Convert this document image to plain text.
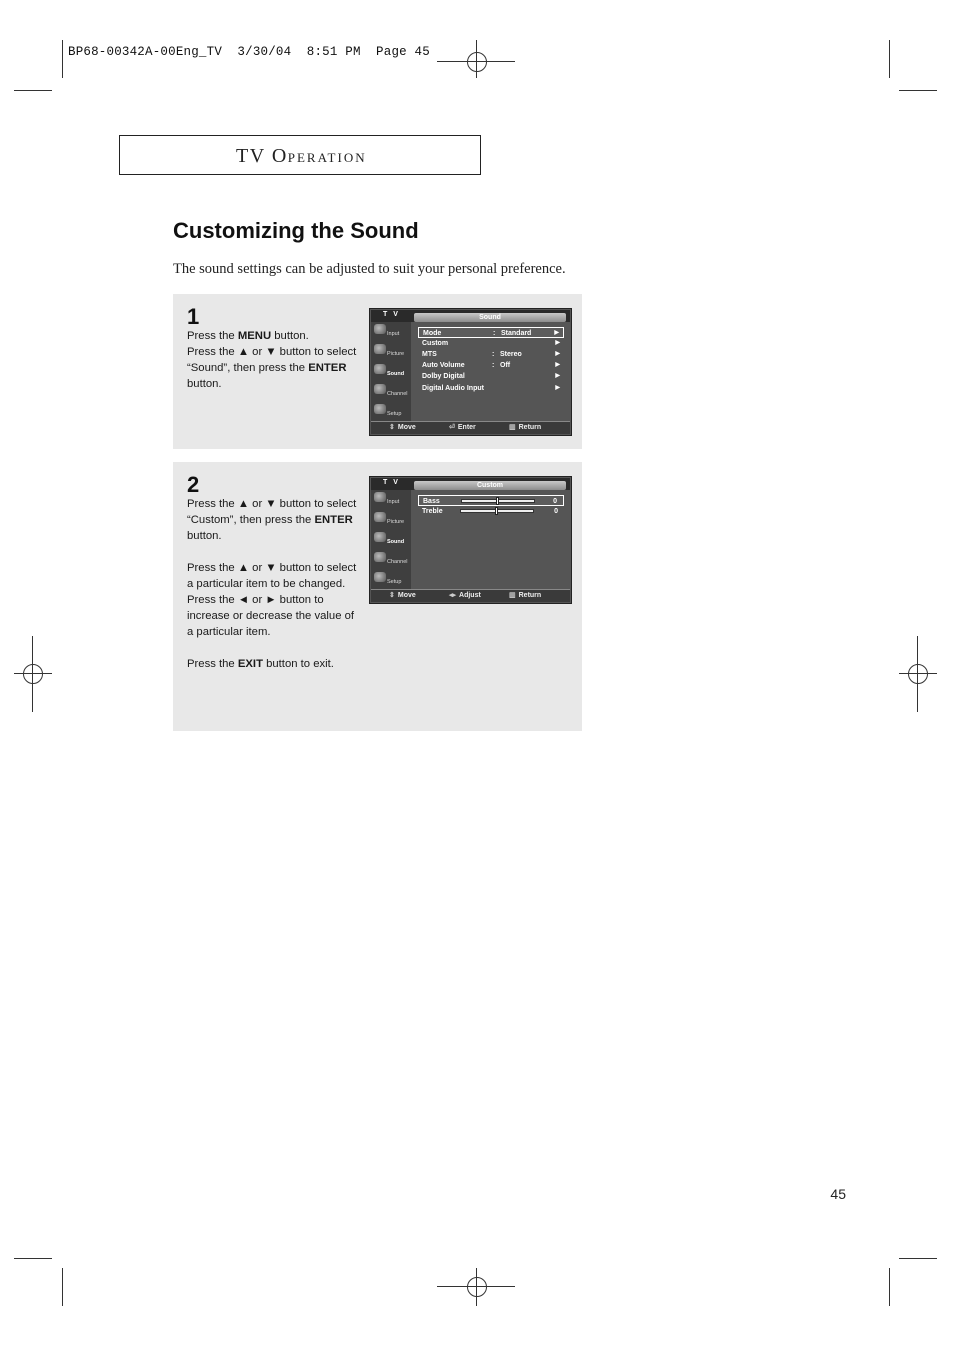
BP68-00342A-00Eng_TV  3/30/04  8:51 PM  Page 45
TV OPERATION
Customizing the Sound
The sound settings can be adjusted to suit your personal preference.
1

Press the MENU button.

Press the ▲ or ▼ button to select “Sound”, then press the ENTER button.

T V	Sound
Input
Picture
Sound
Channel
Setup
Mode	: Standard	▶
Custom	▶
MTS	: Stereo	▶
Auto Volume	: Off	▶
Dolby Digital	▶
Digital Audio Input	▶
⇕ Move	⏎ Enter	▥ Return
2

Press the ▲ or ▼ button to select “Custom”, then press the ENTER button.

Press the ▲ or ▼ button to select a particular item to be changed.

Press the ◄ or ► button to increase or decrease the value of a particular item.

Press the EXIT button to exit.

T V	Custom
Input
Picture
Sound
Channel
Setup
Bass	0
Treble	0
⇕ Move	◂▸ Adjust	▥ Return
45
